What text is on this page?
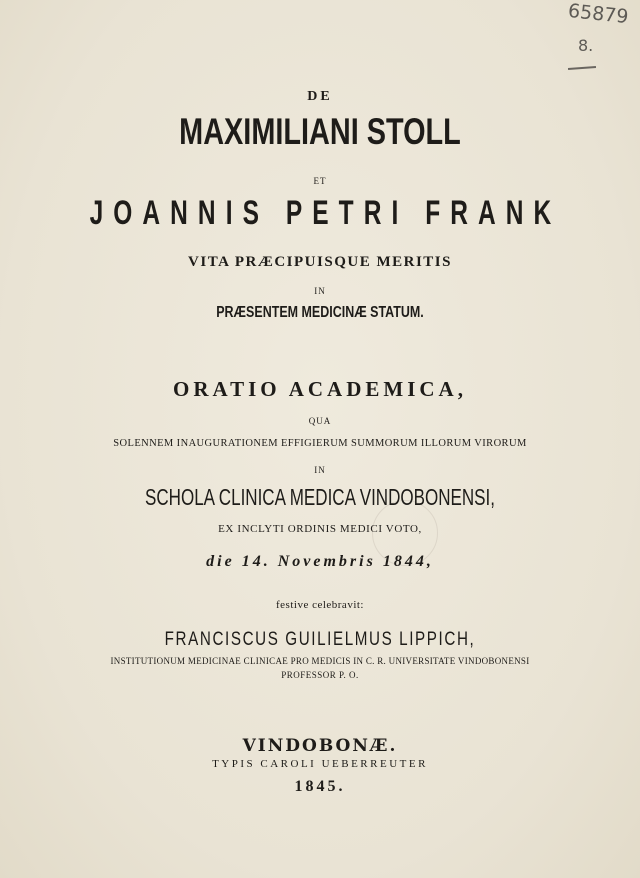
65879
8.
DE
MAXIMILIANI STOLL
ET
JOANNIS PETRI FRANK
VITA PRÆCIPUISQUE MERITIS
IN
PRÆSENTEM MEDICINÆ STATUM.
ORATIO ACADEMICA,
QUA
SOLENNEM INAUGURATIONEM EFFIGIERUM SUMMORUM ILLORUM VIRORUM
IN
SCHOLA CLINICA MEDICA VINDOBONENSI,
EX INCLYTI ORDINIS MEDICI VOTO,
die 14. Novembris 1844,
festive celebravit:
FRANCISCUS GUILIELMUS LIPPICH,
INSTITUTIONUM MEDICINAE CLINICAE PRO MEDICIS IN C. R. UNIVERSITATE VINDOBONENSI
PROFESSOR P. O.
VINDOBONÆ.
TYPIS CAROLI UEBERREUTER
1845.
